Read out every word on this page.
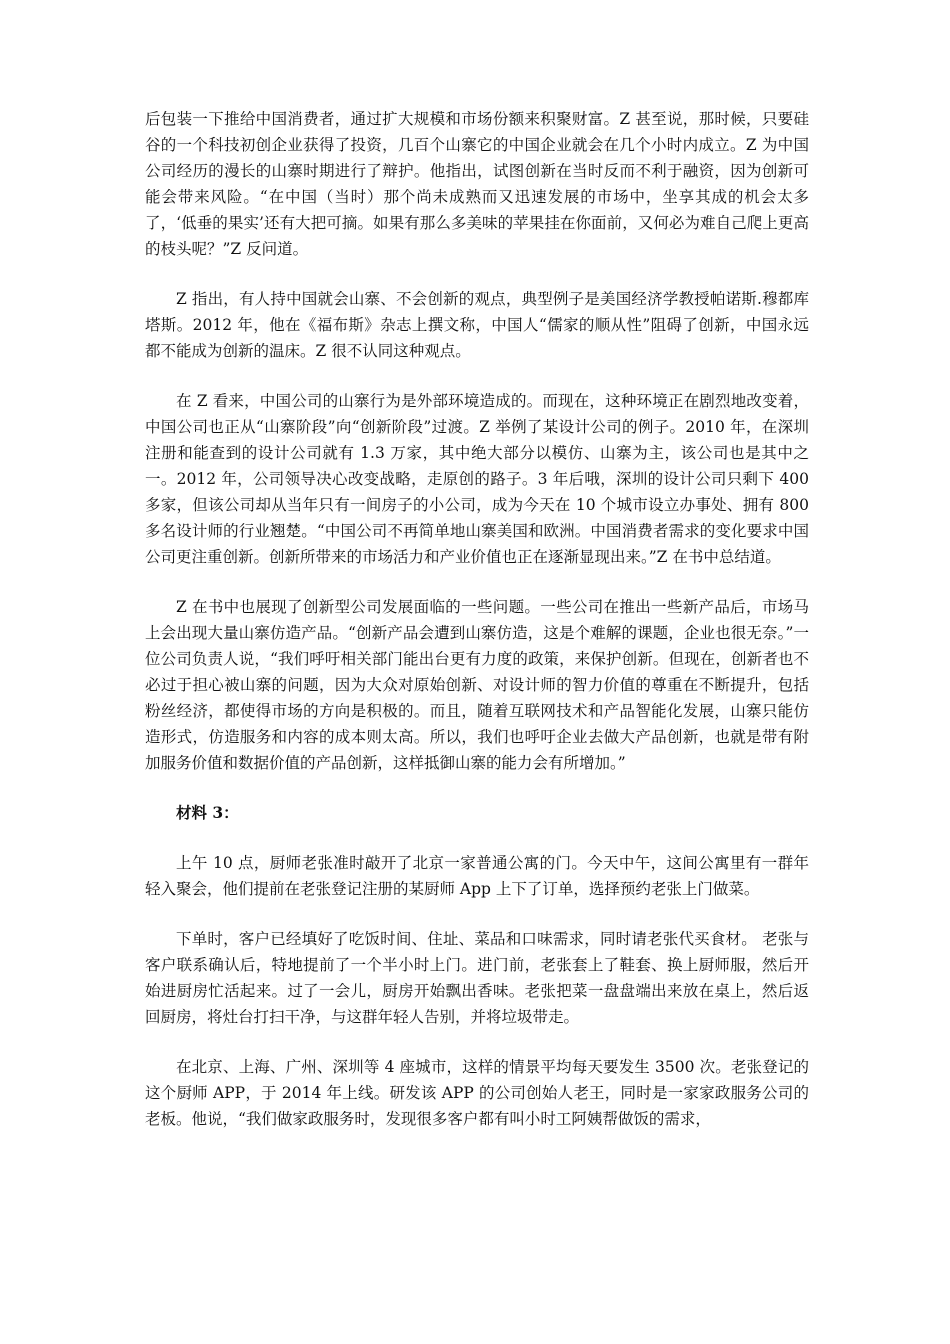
后包装一下推给中国消费者，通过扩大规模和市场份额来积聚财富。Z 甚至说，那时候，只要硅谷的一个科技初创企业获得了投资，几百个山寨它的中国企业就会在几个小时内成立。Z 为中国公司经历的漫长的山寨时期进行了辩护。他指出，试图创新在当时反而不利于融资，因为创新可能会带来风险。“在中国（当时）那个尚未成熟而又迅速发展的市场中，坐享其成的机会太多了，‘低垂的果实’还有大把可摘。如果有那么多美味的苹果挂在你面前，又何必为难自己爬上更高的枝头呢？”Z 反问道。

Z 指出，有人持中国就会山寨、不会创新的观点，典型例子是美国经济学教授帕诺斯.穆都库塔斯。2012 年，他在《福布斯》杂志上撰文称，中国人“儒家的顺从性”阻碍了创新，中国永远都不能成为创新的温床。Z 很不认同这种观点。

在 Z 看来，中国公司的山寨行为是外部环境造成的。而现在，这种环境正在剧烈地改变着，中国公司也正从“山寨阶段”向“创新阶段”过渡。Z 举例了某设计公司的例子。2010 年，在深圳注册和能查到的设计公司就有 1.3 万家，其中绝大部分以模仿、山寨为主，该公司也是其中之一。2012 年，公司领导决心改变战略，走原创的路子。3 年后哦，深圳的设计公司只剩下 400 多家，但该公司却从当年只有一间房子的小公司，成为今天在 10 个城市设立办事处、拥有 800 多名设计师的行业翘楚。“中国公司不再简单地山寨美国和欧洲。中国消费者需求的变化要求中国公司更注重创新。创新所带来的市场活力和产业价值也正在逐渐显现出来。”Z 在书中总结道。

Z 在书中也展现了创新型公司发展面临的一些问题。一些公司在推出一些新产品后，市场马上会出现大量山寨仿造产品。“创新产品会遭到山寨仿造，这是个难解的课题，企业也很无奈。”一位公司负责人说，“我们呼吁相关部门能出台更有力度的政策，来保护创新。但现在，创新者也不必过于担心被山寨的问题，因为大众对原始创新、对设计师的智力价值的尊重在不断提升，包括粉丝经济，都使得市场的方向是积极的。而且，随着互联网技术和产品智能化发展，山寨只能仿造形式，仿造服务和内容的成本则太高。所以，我们也呼吁企业去做大产品创新，也就是带有附加服务价值和数据价值的产品创新，这样抵御山寨的能力会有所增加。”

材料 3：

上午 10 点，厨师老张准时敲开了北京一家普通公寓的门。今天中午，这间公寓里有一群年轻入聚会，他们提前在老张登记注册的某厨师 App 上下了订单，选择预约老张上门做菜。

下单时，客户已经填好了吃饭时间、住址、菜品和口味需求，同时请老张代买食材。 老张与客户联系确认后，特地提前了一个半小时上门。进门前，老张套上了鞋套、换上厨师服，然后开始进厨房忙活起来。过了一会儿，厨房开始飘出香味。老张把菜一盘盘端出来放在桌上，然后返回厨房，将灶台打扫干净，与这群年轻人告别，并将垃圾带走。

在北京、上海、广州、深圳等 4 座城市，这样的情景平均每天要发生 3500 次。老张登记的这个厨师 APP，于 2014 年上线。研发该 APP 的公司创始人老王，同时是一家家政服务公司的老板。他说，“我们做家政服务时，发现很多客户都有叫小时工阿姨帮做饭的需求，
